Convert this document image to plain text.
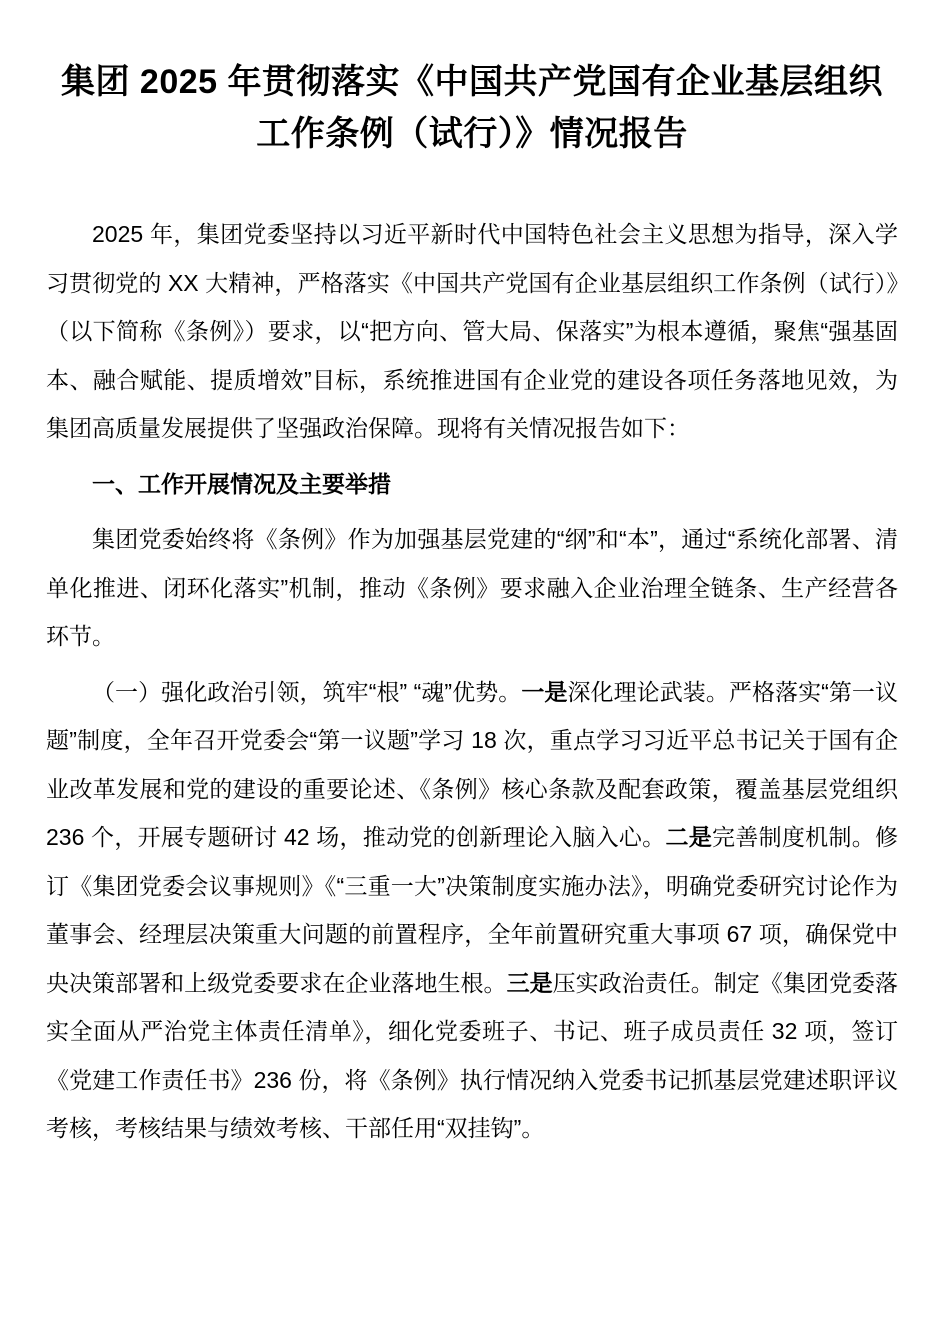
集团 2025 年贯彻落实《中国共产党国有企业基层组织工作条例（试行）》情况报告

2025 年，集团党委坚持以习近平新时代中国特色社会主义思想为指导，深入学习贯彻党的 XX 大精神，严格落实《中国共产党国有企业基层组织工作条例（试行）》（以下简称《条例》）要求，以“把方向、管大局、保落实”为根本遵循，聚焦“强基固本、融合赋能、提质增效”目标，系统推进国有企业党的建设各项任务落地见效，为集团高质量发展提供了坚强政治保障。现将有关情况报告如下：

一、工作开展情况及主要举措

集团党委始终将《条例》作为加强基层党建的“纲”和“本”，通过“系统化部署、清单化推进、闭环化落实”机制，推动《条例》要求融入企业治理全链条、生产经营各环节。

（一）强化政治引领，筑牢“根” “魂”优势。一是深化理论武装。严格落实“第一议题”制度，全年召开党委会“第一议题”学习 18 次，重点学习习近平总书记关于国有企业改革发展和党的建设的重要论述、《条例》核心条款及配套政策，覆盖基层党组织 236 个，开展专题研讨 42 场，推动党的创新理论入脑入心。二是完善制度机制。修订《集团党委会议事规则》《“三重一大”决策制度实施办法》，明确党委研究讨论作为董事会、经理层决策重大问题的前置程序，全年前置研究重大事项 67 项，确保党中央决策部署和上级党委要求在企业落地生根。三是压实政治责任。制定《集团党委落实全面从严治党主体责任清单》，细化党委班子、书记、班子成员责任 32 项，签订《党建工作责任书》236 份，将《条例》执行情况纳入党委书记抓基层党建述职评议考核，考核结果与绩效考核、干部任用“双挂钩”。
